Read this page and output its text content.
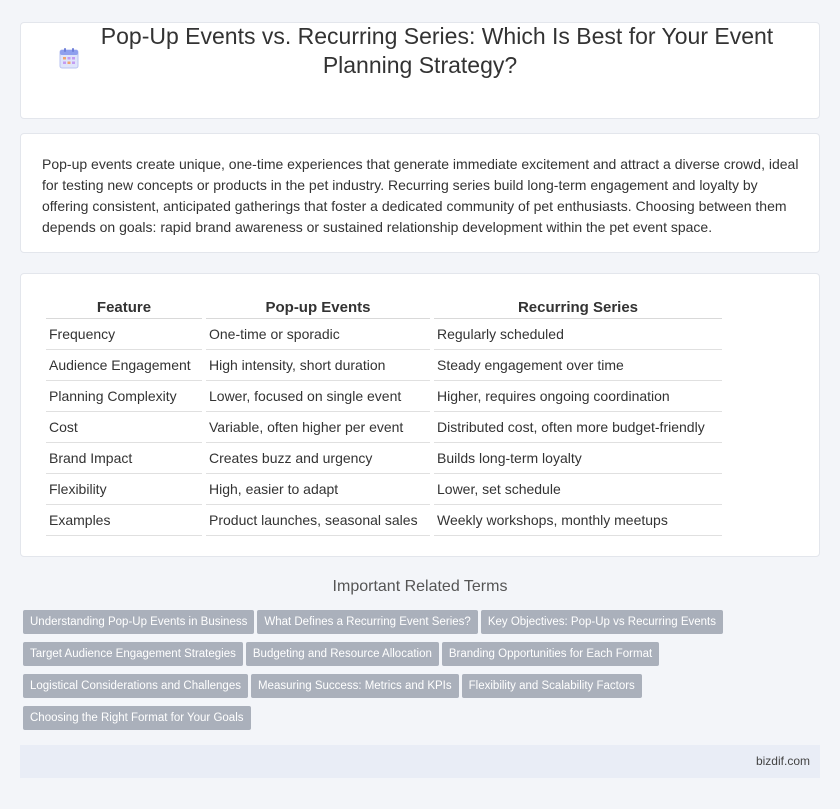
Pop-Up Events vs. Recurring Series: Which Is Best for Your Event
Planning Strategy?
Pop-up events create unique, one-time experiences that generate immediate excitement and attract a diverse crowd, ideal for testing new concepts or products in the pet industry. Recurring series build long-term engagement and loyalty by offering consistent, anticipated gatherings that foster a dedicated community of pet enthusiasts. Choosing between them depends on goals: rapid brand awareness or sustained relationship development within the pet event space.
Feature	Pop-up Events	Recurring Series
Frequency	One-time or sporadic	Regularly scheduled
Audience Engagement	High intensity, short duration	Steady engagement over time
Planning Complexity	Lower, focused on single event	Higher, requires ongoing coordination
Cost	Variable, often higher per event	Distributed cost, often more budget-friendly
Brand Impact	Creates buzz and urgency	Builds long-term loyalty
Flexibility	High, easier to adapt	Lower, set schedule
Examples	Product launches, seasonal sales	Weekly workshops, monthly meetups
Important Related Terms
Understanding Pop-Up Events in Business What Defines a Recurring Event Series? Key Objectives: Pop-Up vs Recurring Events
Target Audience Engagement Strategies Budgeting and Resource Allocation Branding Opportunities for Each Format
Logistical Considerations and Challenges Measuring Success: Metrics and KPIs Flexibility and Scalability Factors
Choosing the Right Format for Your Goals
bizdif.com
